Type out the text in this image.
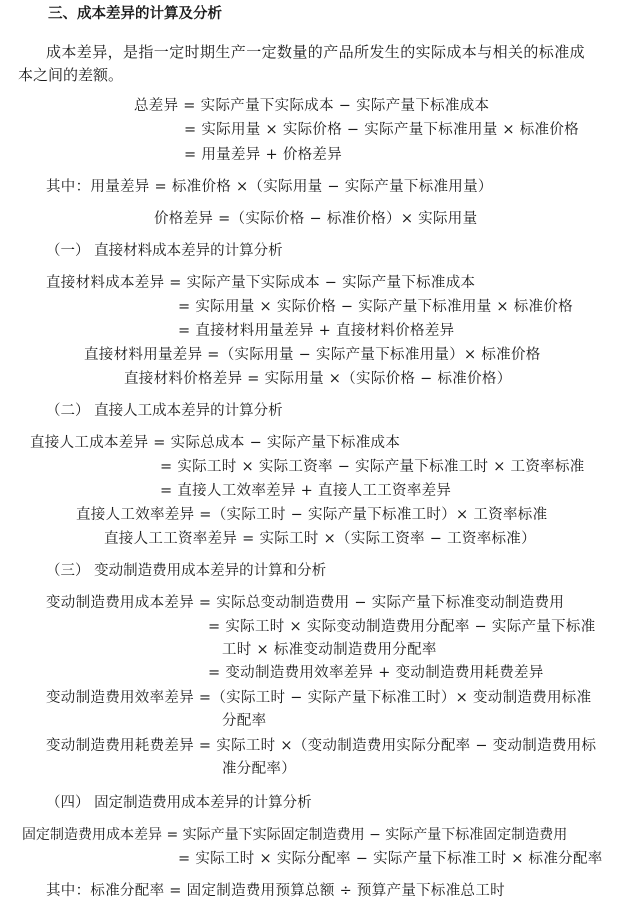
三、成本差异的计算及分析
成本差异，是指一定时期生产一定数量的产品所发生的实际成本与相关的标准成
本之间的差额。
总差异 = 实际产量下实际成本 − 实际产量下标准成本
= 实际用量 × 实际价格 − 实际产量下标准用量 × 标准价格
= 用量差异 + 价格差异
其中：用量差异 = 标准价格 ×（实际用量 − 实际产量下标准用量）
价格差异 =（实际价格 − 标准价格）× 实际用量
（一） 直接材料成本差异的计算分析
直接材料成本差异 = 实际产量下实际成本 − 实际产量下标准成本
= 实际用量 × 实际价格 − 实际产量下标准用量 × 标准价格
= 直接材料用量差异 + 直接材料价格差异
直接材料用量差异 =（实际用量 − 实际产量下标准用量）× 标准价格
直接材料价格差异 = 实际用量 ×（实际价格 − 标准价格）
（二） 直接人工成本差异的计算分析
直接人工成本差异 = 实际总成本 − 实际产量下标准成本
= 实际工时 × 实际工资率 − 实际产量下标准工时 × 工资率标准
= 直接人工效率差异 + 直接人工工资率差异
直接人工效率差异 =（实际工时 − 实际产量下标准工时）× 工资率标准
直接人工工资率差异 = 实际工时 ×（实际工资率 − 工资率标准）
（三） 变动制造费用成本差异的计算和分析
变动制造费用成本差异 = 实际总变动制造费用 − 实际产量下标准变动制造费用
= 实际工时 × 实际变动制造费用分配率 − 实际产量下标准
工时 × 标准变动制造费用分配率
= 变动制造费用效率差异 + 变动制造费用耗费差异
变动制造费用效率差异 =（实际工时 − 实际产量下标准工时）× 变动制造费用标准
分配率
变动制造费用耗费差异 = 实际工时 ×（变动制造费用实际分配率 − 变动制造费用标
准分配率）
（四） 固定制造费用成本差异的计算分析
固定制造费用成本差异 = 实际产量下实际固定制造费用 − 实际产量下标准固定制造费用
= 实际工时 × 实际分配率 − 实际产量下标准工时 × 标准分配率
其中：标准分配率 = 固定制造费用预算总额 ÷ 预算产量下标准总工时
